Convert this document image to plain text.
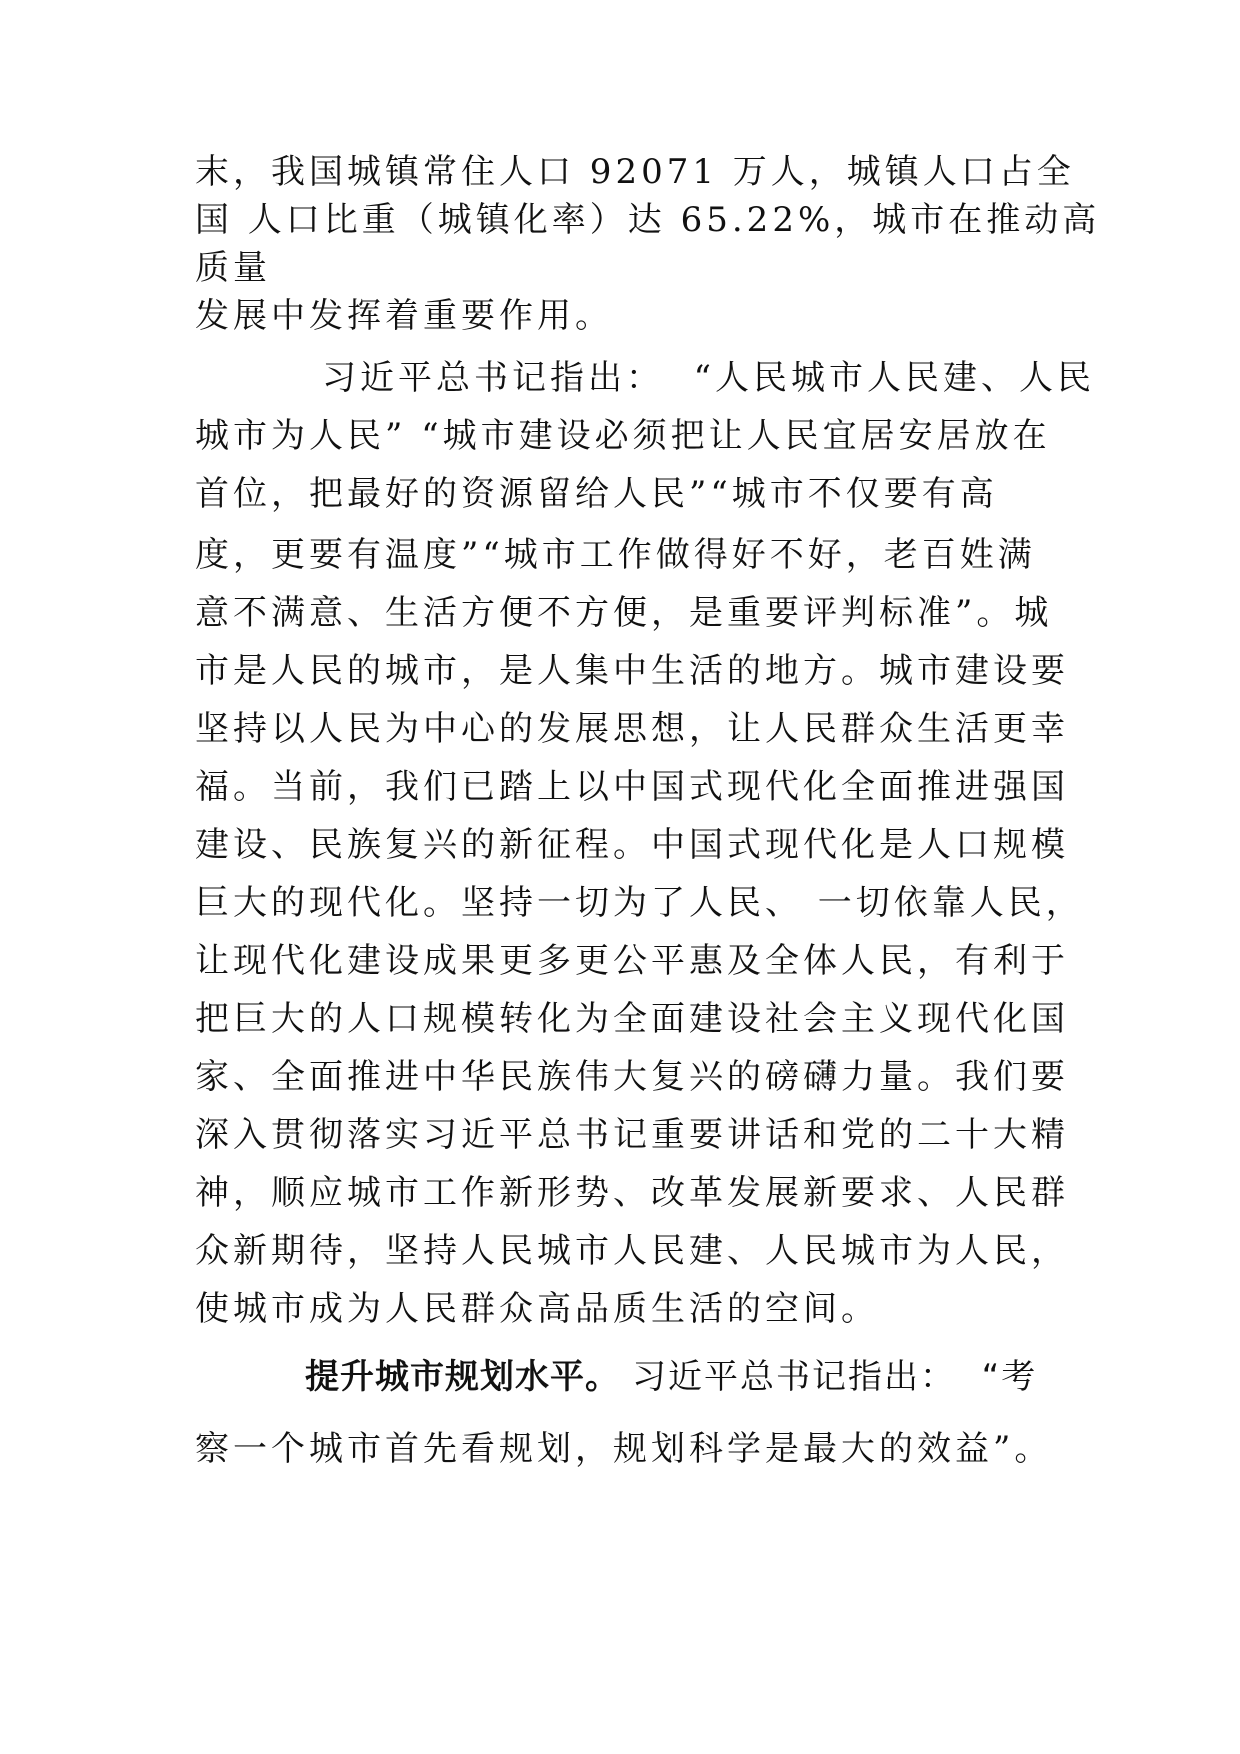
末，我国城镇常住人口 92071 万人，城镇人口占全
国 人口比重（城镇化率）达 65.22%，城市在推动高
质量
发展中发挥着重要作用。
习近平总书记指出：  “人民城市人民建、人民
城市为人民” “城市建设必须把让人民宜居安居放在
首位，把最好的资源留给人民”“城市不仅要有高
度，更要有温度”“城市工作做得好不好，老百姓满
意不满意、生活方便不方便，是重要评判标准”。城
市是人民的城市，是人集中生活的地方。城市建设要
坚持以人民为中心的发展思想，让人民群众生活更幸
福。当前，我们已踏上以中国式现代化全面推进强国
建设、民族复兴的新征程。中国式现代化是人口规模
巨大的现代化。坚持一切为了人民、 一切依靠人民，
让现代化建设成果更多更公平惠及全体人民，有利于
把巨大的人口规模转化为全面建设社会主义现代化国
家、全面推进中华民族伟大复兴的磅礴力量。我们要
深入贯彻落实习近平总书记重要讲话和党的二十大精
神，顺应城市工作新形势、改革发展新要求、人民群
众新期待，坚持人民城市人民建、人民城市为人民，
使城市成为人民群众高品质生活的空间。
提升城市规划水平。 习近平总书记指出：  “考
察一个城市首先看规划，规划科学是最大的效益”。
